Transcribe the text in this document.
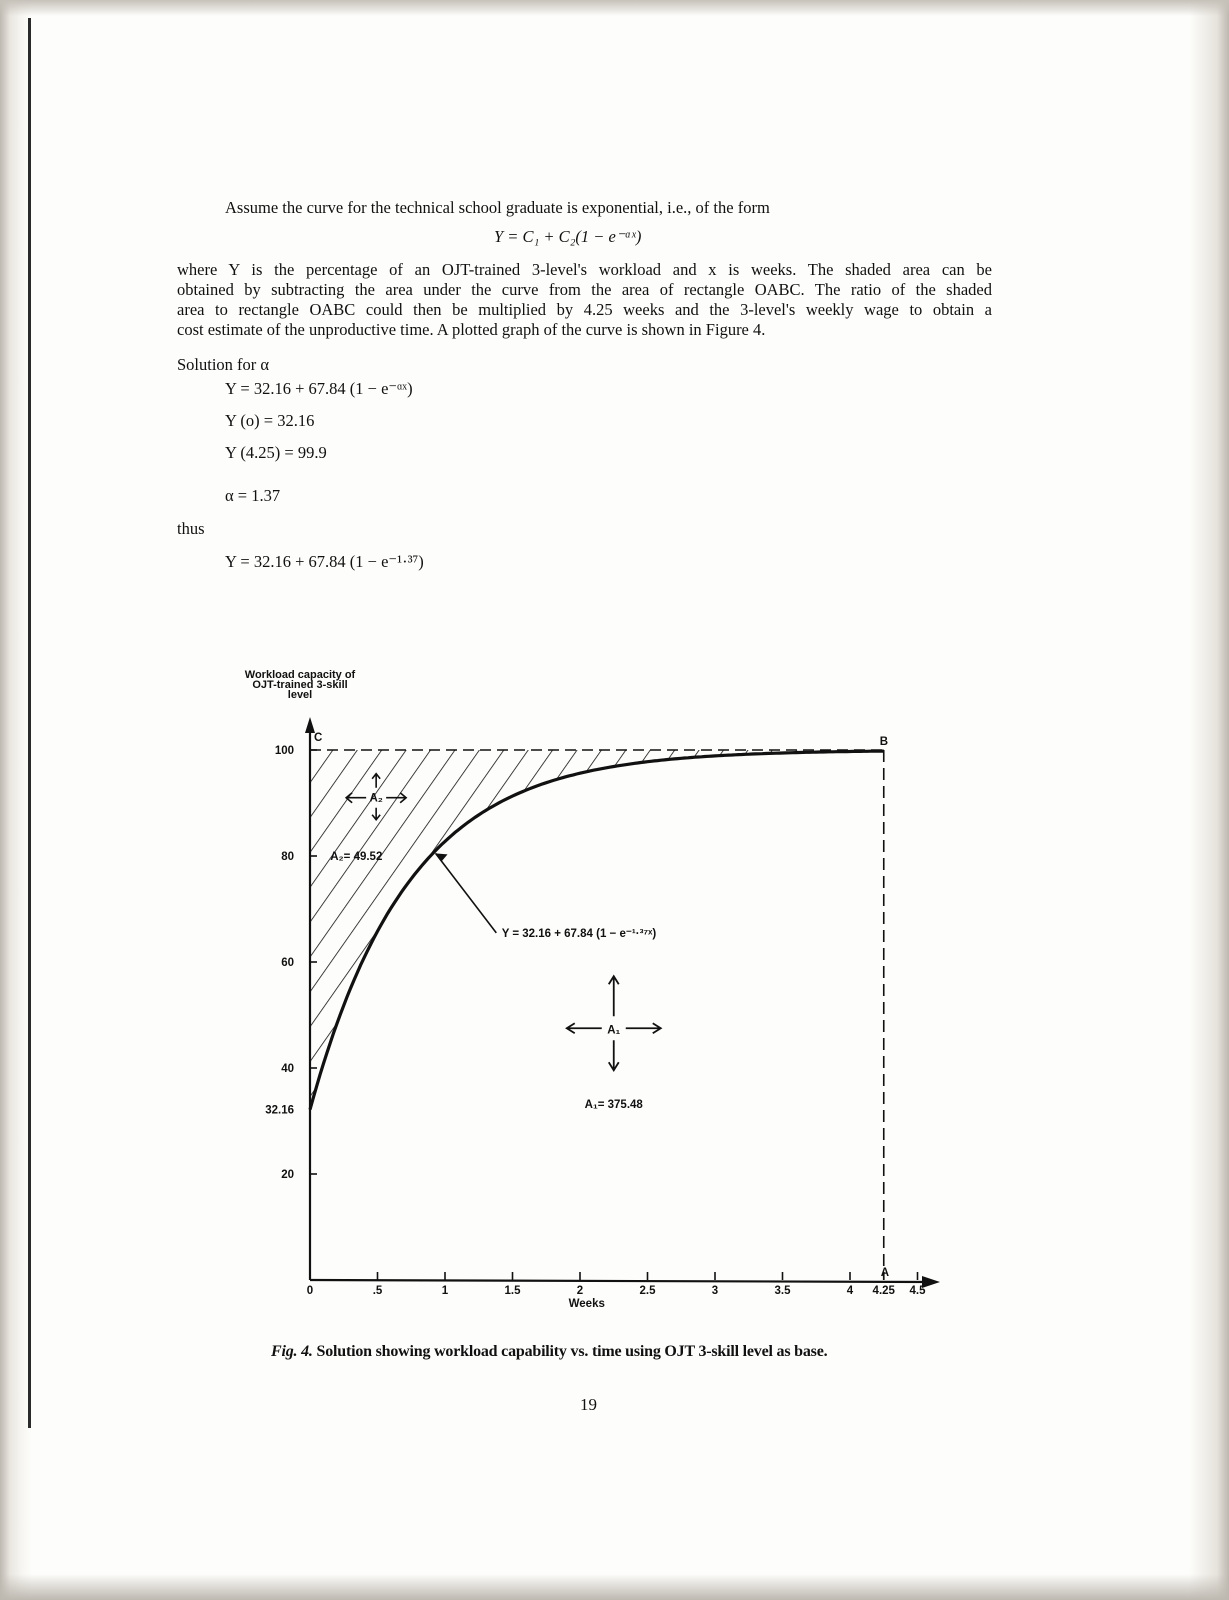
Assume the curve for the technical school graduate is exponential, i.e., of the form
Y = C₁ + C₂(1 − e⁻ᵅˣ)
where Y is the percentage of an OJT-trained 3-level's workload and x is weeks. The shaded area can be
obtained by subtracting the area under the curve from the area of rectangle OABC. The ratio of the shaded
area to rectangle OABC could then be multiplied by 4.25 weeks and the 3-level's weekly wage to obtain a
cost estimate of the unproductive time. A plotted graph of the curve is shown in Figure 4.
Solution for α
Y = 32.16 + 67.84 (1 − e⁻ᵅˣ)
Y (o) = 32.16
Y (4.25) = 99.9
α = 1.37
thus
Y = 32.16 + 67.84 (1 − e⁻¹·³⁷)
0	.5	1	1.5	2	2.5	3	3.5	4 4.25 4.5
Weeks
20
32.16
40
60
80
100
Workload capacity of
OJT-trained 3-skill
level
C	B
A
Y = 32.16 + 67.84 (1 − e⁻¹·³⁷ˣ)
A₂
A₂= 49.52
A₁
A₁= 375.48
Fig. 4. Solution showing workload capability vs. time using OJT 3-skill level as base.
19
